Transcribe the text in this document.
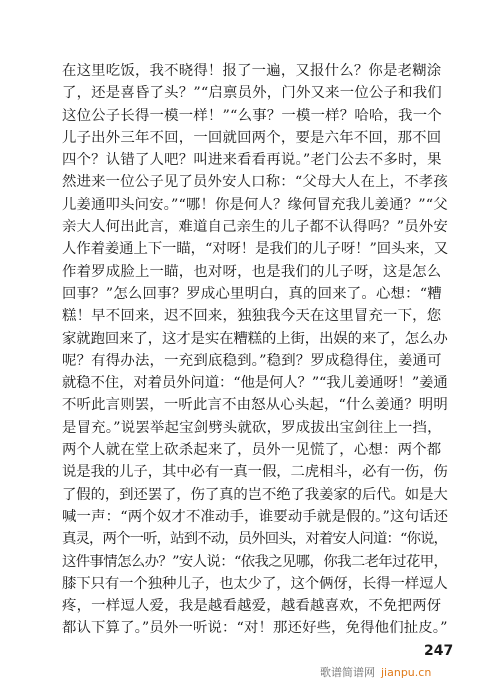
在这里吃饭，我不晓得！报了一遍，又报什么？你是老糊涂
了，还是喜昏了头？”“启禀员外，门外又来一位公子和我们
这位公子长得一模一样！”“么事？一模一样？哈哈，我一个
儿子出外三年不回，一回就回两个，要是六年不回，那不回
四个？认错了人吧？叫进来看看再说。”老门公去不多时，果
然进来一位公子见了员外安人口称：“父母大人在上，不孝孩
儿姜通叩头问安。”“哪！你是何人？缘何冒充我儿姜通？”“父
亲大人何出此言，难道自己亲生的儿子都不认得吗？”员外安
人作着姜通上下一瞄，“对呀！是我们的儿子呀！”回头来，又
作着罗成脸上一瞄，也对呀，也是我们的儿子呀，这是怎么
回事？”怎么回事？罗成心里明白，真的回来了。心想：“糟
糕！早不回来，迟不回来，独独我今天在这里冒充一下，您
家就跑回来了，这才是实在糟糕的上街，出娱的来了，怎么办
呢？有得办法，一充到底稳到。”稳到？罗成稳得住，姜通可
就稳不住，对着员外问道：“他是何人？”“我儿姜通呀！”姜通
不听此言则罢，一听此言不由怒从心头起，“什么姜通？明明
是冒充。”说罢举起宝剑劈头就砍，罗成拔出宝剑往上一挡，
两个人就在堂上砍杀起来了，员外一见慌了，心想：两个都
说是我的儿子，其中必有一真一假，二虎相斗，必有一伤，伤
了假的，到还罢了，伤了真的岂不绝了我姜家的后代。如是大
喊一声：“两个奴才不准动手，谁要动手就是假的。”这句话还
真灵，两个一听，站到不动，员外回头，对着安人问道：“你说，
这件事情怎么办？”安人说：“依我之见哪，你我二老年过花甲，
膝下只有一个独种儿子，也太少了，这个俩伢，长得一样逗人
疼，一样逗人爱，我是越看越爱，越看越喜欢，不免把两伢
都认下算了。”员外一听说：“对！那还好些，免得他们扯皮。”
247
歌谱简谱网 jianpu.cn
